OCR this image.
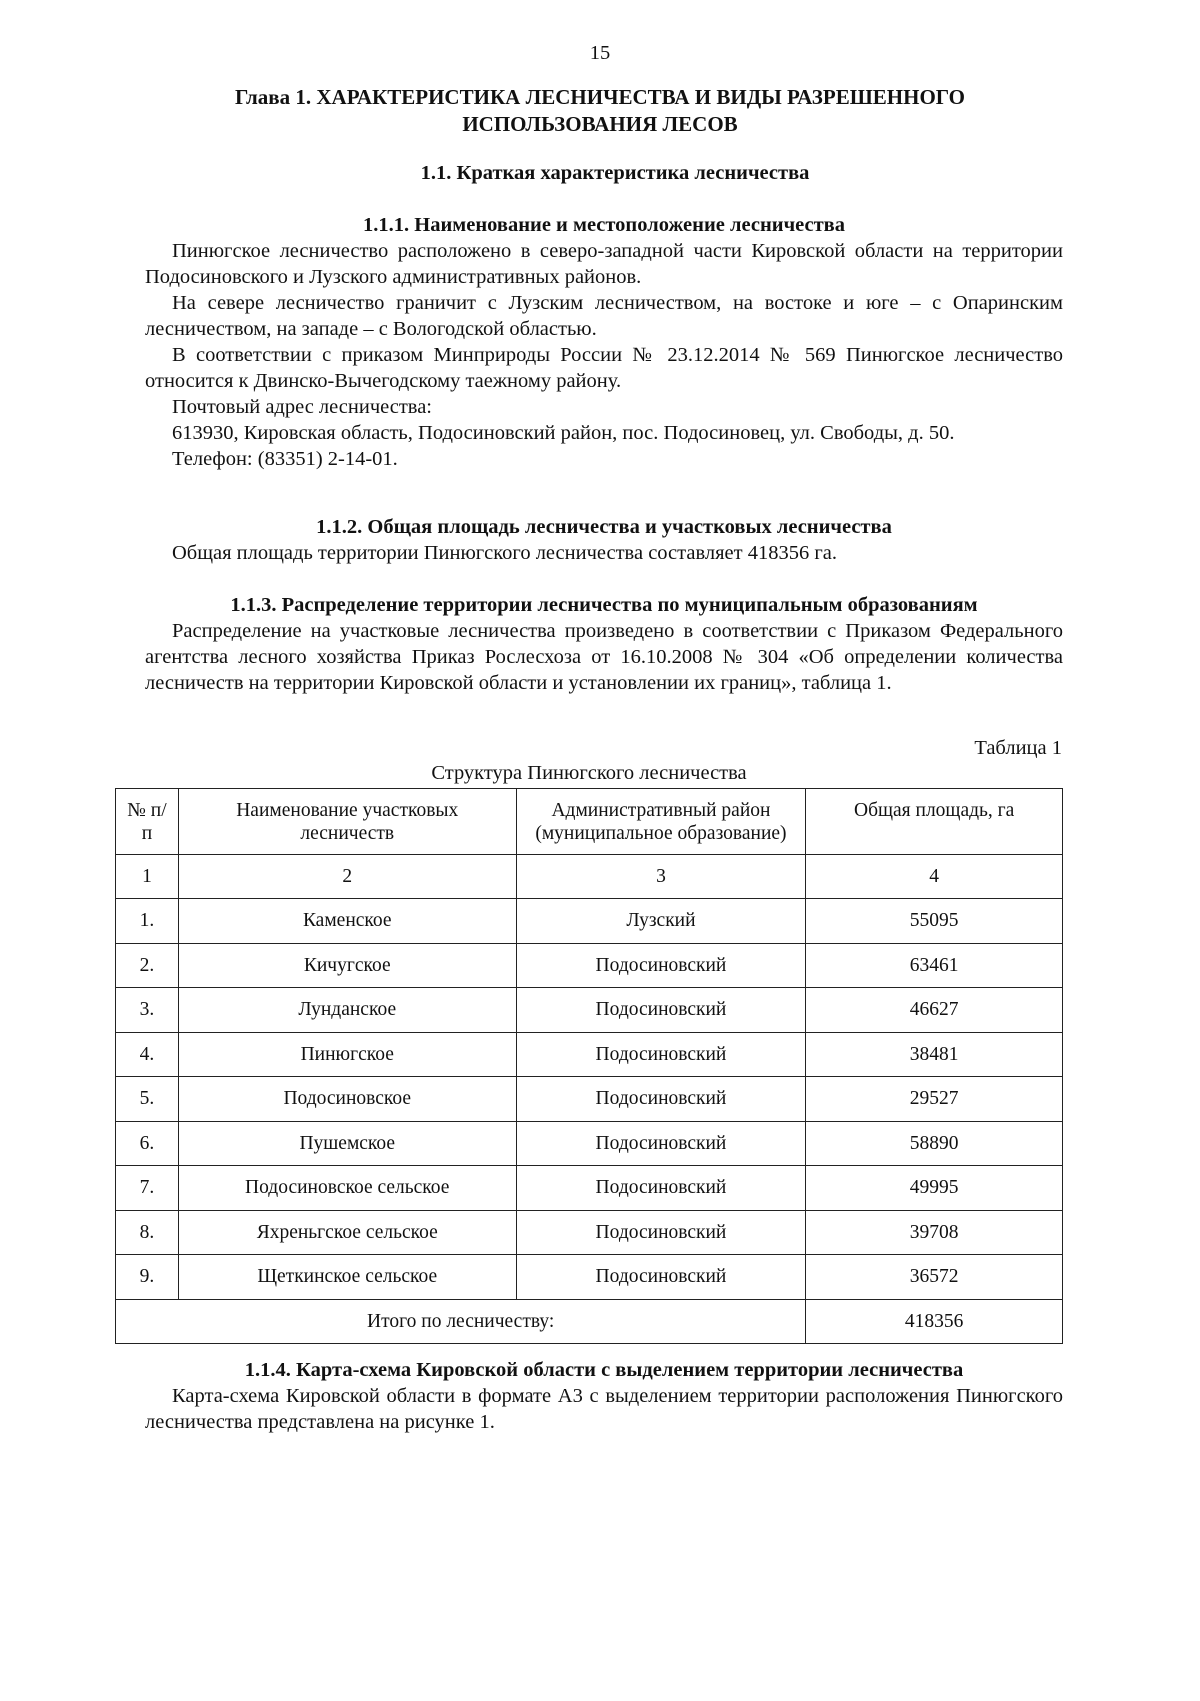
15
Глава 1. ХАРАКТЕРИСТИКА ЛЕСНИЧЕСТВА И ВИДЫ РАЗРЕШЕННОГО
ИСПОЛЬЗОВАНИЯ ЛЕСОВ
1.1. Краткая характеристика лесничества
1.1.1. Наименование и местоположение лесничества

Пинюгское лесничество расположено в северо-западной части Кировской области на территории Подосиновского и Лузского административных районов.

На севере лесничество граничит с Лузским лесничеством, на востоке и юге – с Опаринским лесничеством, на западе – с Вологодской областью.

В соответствии с приказом Минприроды России № 23.12.2014 № 569 Пинюгское лесничество относится к Двинско-Вычегодскому таежному району.

Почтовый адрес лесничества:

613930, Кировская область, Подосиновский район, пос. Подосиновец, ул. Свободы, д. 50.

Телефон: (83351) 2-14-01.

1.1.2. Общая площадь лесничества и участковых лесничества

Общая площадь территории Пинюгского лесничества составляет 418356 га.

1.1.3. Распределение территории лесничества по муниципальным образованиям

Распределение на участковые лесничества произведено в соответствии с Приказом Федерального агентства лесного хозяйства Приказ Рослесхоза от 16.10.2008 № 304 «Об определении количества лесничеств на территории Кировской области и установлении их границ», таблица 1.

Таблица 1
Структура Пинюгского лесничества
№ п/п	Наименование участковых лесничеств	Административный район (муниципальное образование)	Общая площадь, га
1	2	3	4
1.	Каменское	Лузский	55095
2.	Кичугское	Подосиновский	63461
3.	Лунданское	Подосиновский	46627
4.	Пинюгское	Подосиновский	38481
5.	Подосиновское	Подосиновский	29527
6.	Пушемское	Подосиновский	58890
7.	Подосиновское сельское	Подосиновский	49995
8.	Яхреньгское сельское	Подосиновский	39708
9.	Щеткинское сельское	Подосиновский	36572
Итого по лесничеству:			418356
1.1.4. Карта-схема Кировской области с выделением территории лесничества

Карта-схема Кировской области в формате А3 с выделением территории расположения Пинюгского лесничества представлена на рисунке 1.
